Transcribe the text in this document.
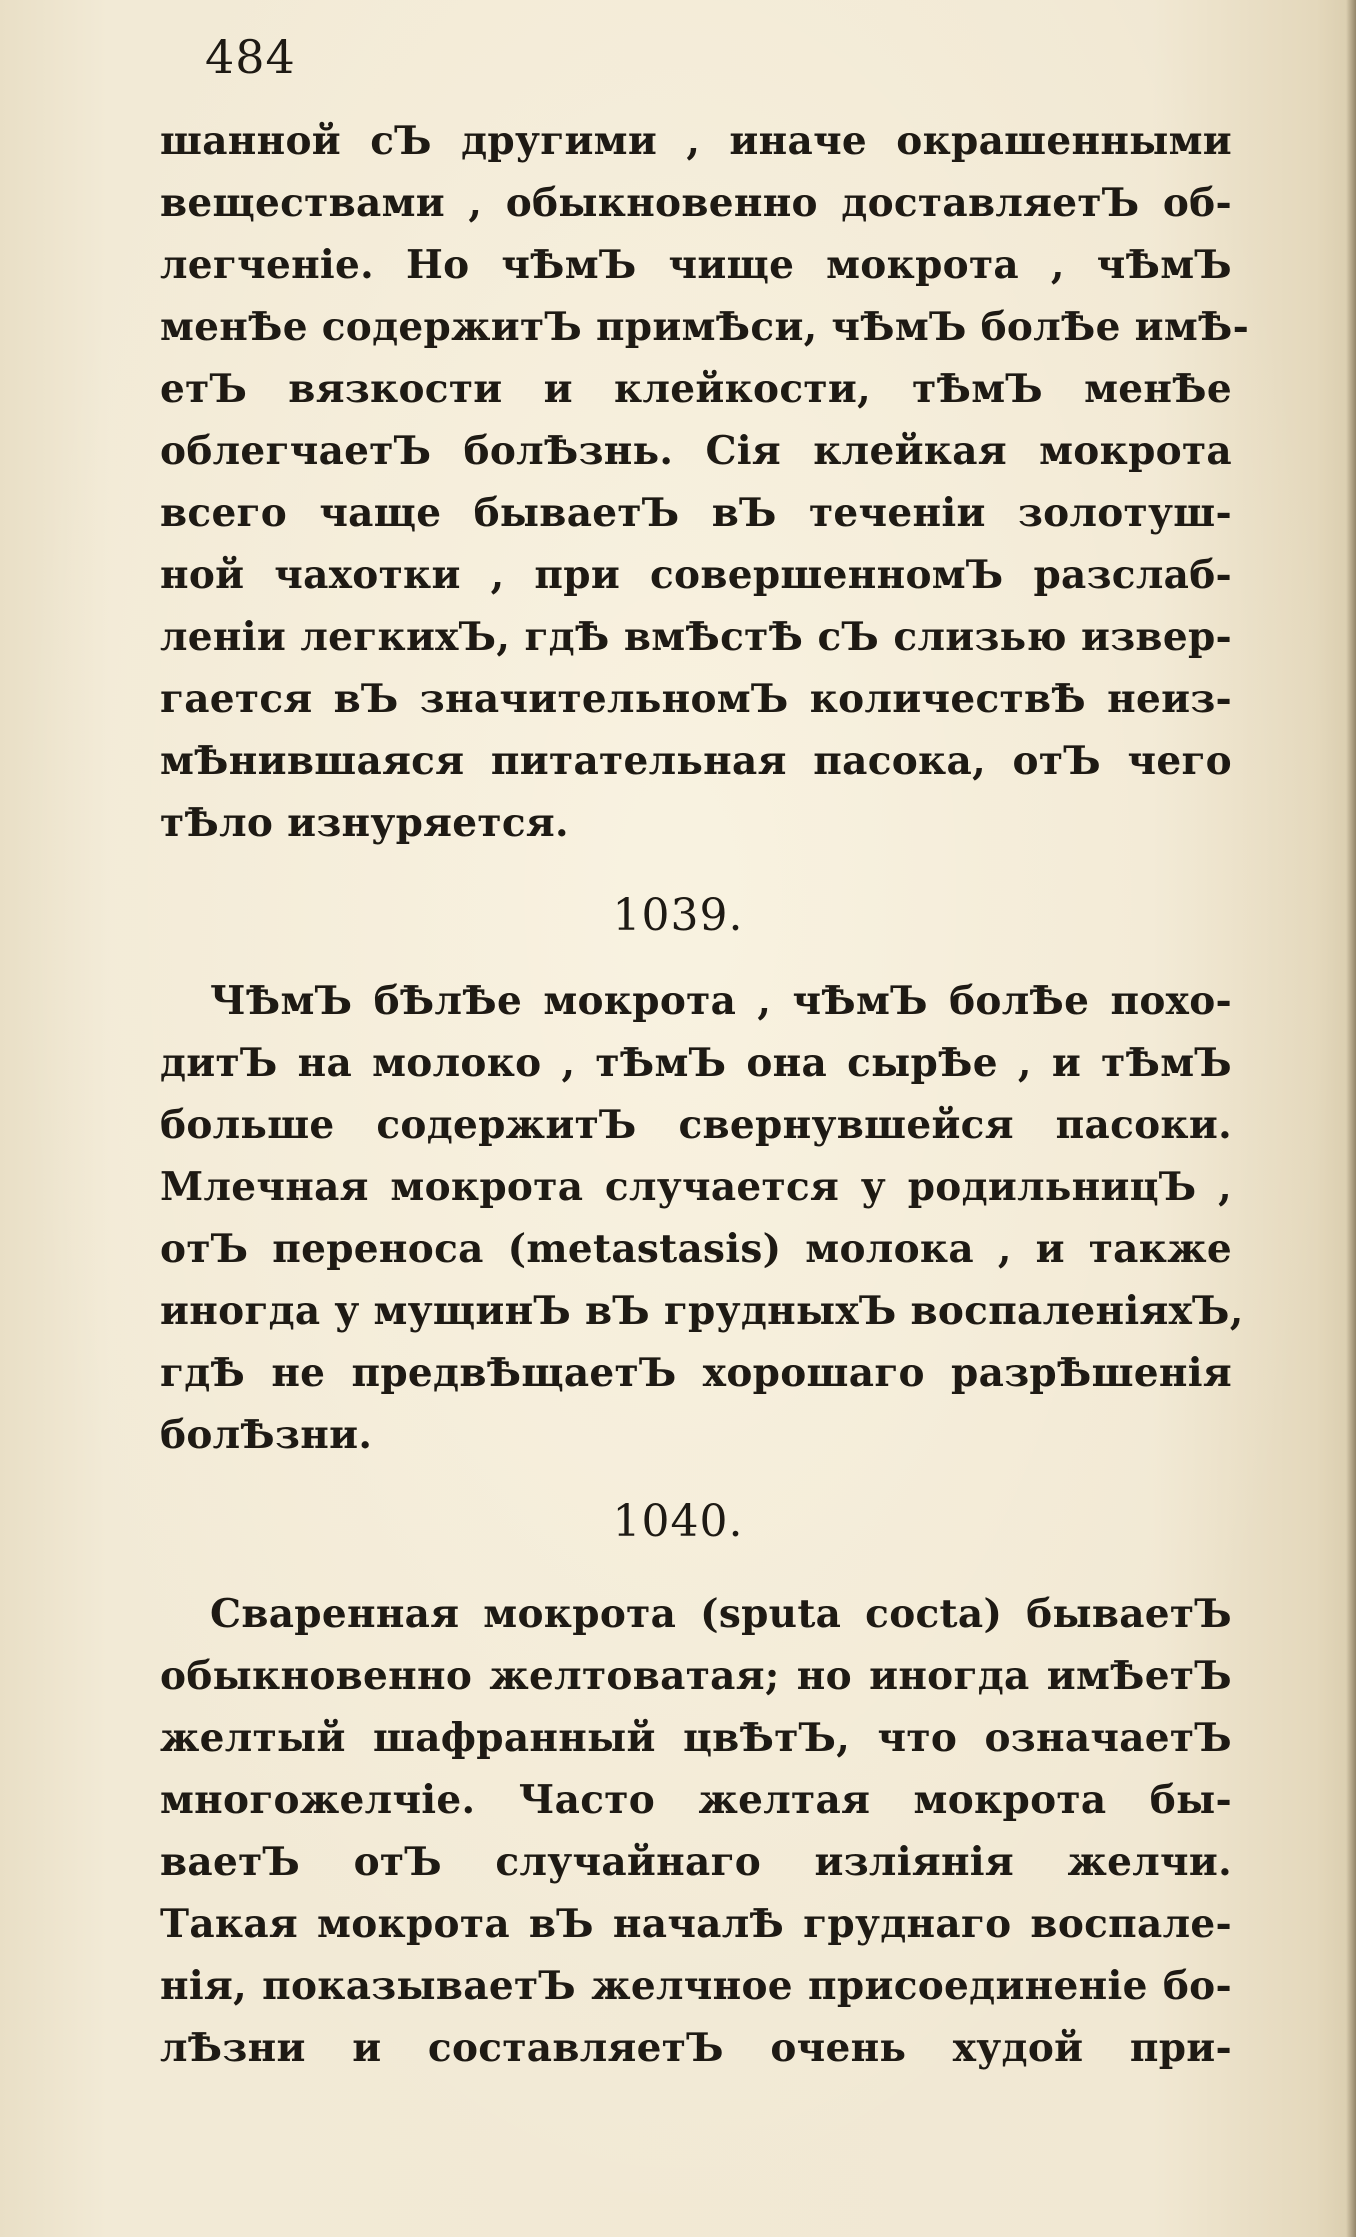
484
шанной сЪ другими , иначе окрашенными
веществами , обыкновенно доставляетЪ об-
легченіе. Но чѢмЪ чище мокрота , чѢмЪ
менѢе содержитЪ примѢси, чѢмЪ болѢе имѢ-
етЪ вязкости и клейкости, тѢмЪ менѢе
облегчаетЪ болѢзнь. Сія клейкая мокрота
всего чаще бываетЪ вЪ теченіи золотуш-
ной чахотки , при совершенномЪ разслаб-
леніи легкихЪ, гдѢ вмѢстѢ сЪ слизью извер-
гается вЪ значительномЪ количествѢ неиз-
мѢнившаяся питательная пасока, отЪ чего
тѢло изнуряется.
1039.
ЧѢмЪ бѢлѢе мокрота , чѢмЪ болѢе похо-
дитЪ на молоко , тѢмЪ она сырѢе , и тѢмЪ
больше содержитЪ свернувшейся пасоки.
Млечная мокрота случается у родильницЪ ,
отЪ переноса (metastasis) молока , и также
иногда у мущинЪ вЪ грудныхЪ воспаленіяхЪ,
гдѢ не предвѢщаетЪ хорошаго разрѢшенія
болѢзни.
1040.
Сваренная мокрота (sputa cocta) бываетЪ
обыкновенно желтоватая; но иногда имѢетЪ
желтый шафранный цвѢтЪ, что означаетЪ
многожелчіе. Часто желтая мокрота бы-
ваетЪ отЪ случайнаго изліянія желчи.
Такая мокрота вЪ началѢ груднаго воспале-
нія, показываетЪ желчное присоединеніе бо-
лѢзни и составляетЪ очень худой при-
